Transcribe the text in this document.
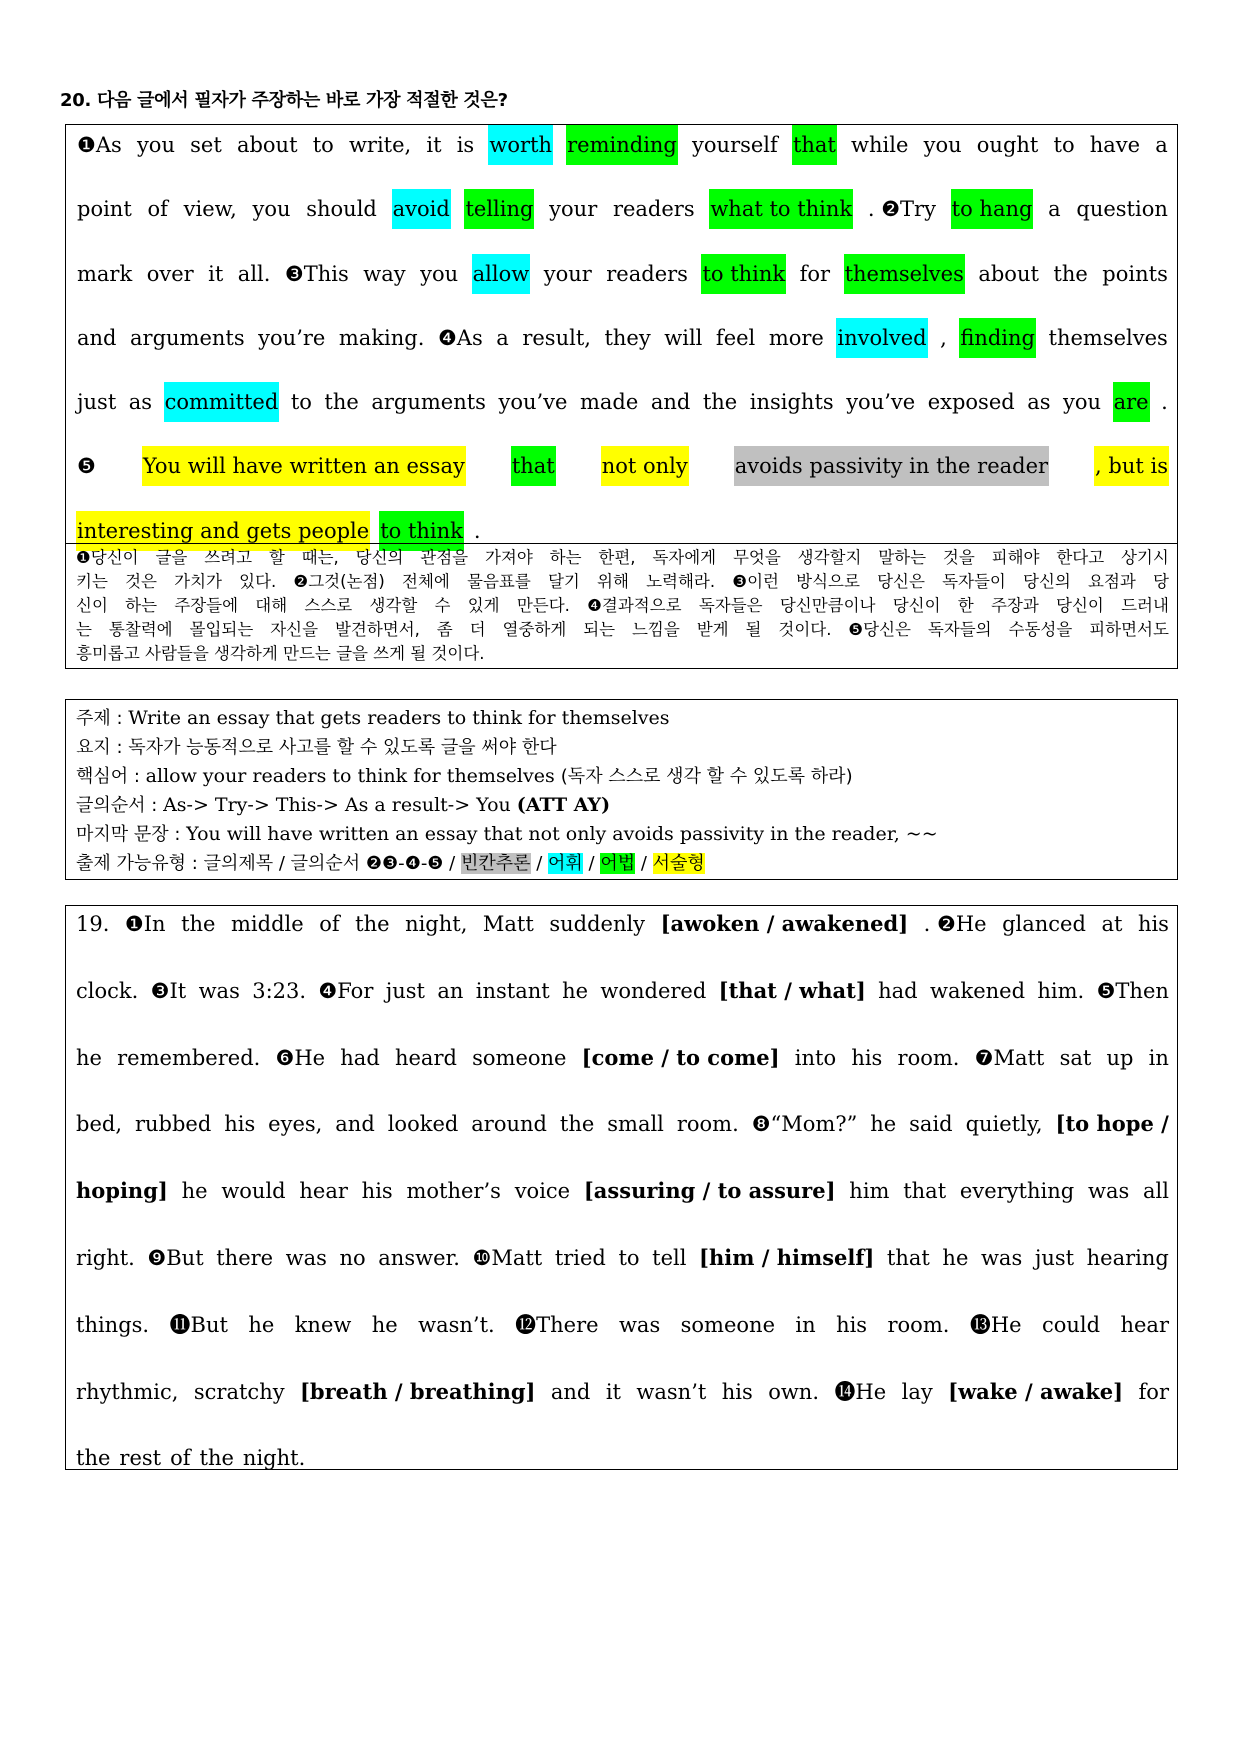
20. 다음 글에서 필자가 주장하는 바로 가장 적절한 것은?
❶As you set about to write, it is worth reminding yourself that while you ought to have a
point of view, you should avoid telling your readers what to think . ❷Try to hang a question
mark over it all. ❸This way you allow your readers to think for themselves about the points
and arguments you’re making. ❹As a result, they will feel more involved , finding themselves
just as committed to the arguments you’ve made and the insights you’ve exposed as you are .
❺ You will have written an essay that not only avoids passivity in the reader , but is
interesting and gets people to think .
❶당신이 글을 쓰려고 할 때는, 당신의 관점을 가져야 하는 한편, 독자에게 무엇을 생각할지 말하는 것을 피해야 한다고 상기시
키는 것은 가치가 있다. ❷그것(논점) 전체에 물음표를 달기 위해 노력해라. ❸이런 방식으로 당신은 독자들이 당신의 요점과 당
신이 하는 주장들에 대해 스스로 생각할 수 있게 만든다. ❹결과적으로 독자들은 당신만큼이나 당신이 한 주장과 당신이 드러내
는 통찰력에 몰입되는 자신을 발견하면서, 좀 더 열중하게 되는 느낌을 받게 될 것이다. ❺당신은 독자들의 수동성을 피하면서도
흥미롭고 사람들을 생각하게 만드는 글을 쓰게 될 것이다.
주제 : Write an essay that gets readers to think for themselves
요지 : 독자가 능동적으로 사고를 할 수 있도록 글을 써야 한다
핵심어 : allow your readers to think for themselves (독자 스스로 생각 할 수 있도록 하라)
글의순서 : As-> Try-> This-> As a result-> You (ATT AY)
마지막 문장 : You will have written an essay that not only avoids passivity in the reader, ~~
출제 가능유형 : 글의제목 / 글의순서 ❷❸-❹-❺ / 빈칸추론 / 어휘 / 어법 / 서술형
19. ❶In the middle of the night, Matt suddenly [awoken / awakened] . ❷He glanced at his
clock. ❸It was 3:23. ❹For just an instant he wondered [that / what] had wakened him. ❺Then
he remembered. ❻He had heard someone [come / to come] into his room. ❼Matt sat up in
bed, rubbed his eyes, and looked around the small room. ❽“Mom?” he said quietly, [to hope /
hoping] he would hear his mother’s voice [assuring / to assure] him that everything was all
right. ❾But there was no answer. ❿Matt tried to tell [him / himself] that he was just hearing
things. ⓫But he knew he wasn’t. ⓬There was someone in his room. ⓭He could hear
rhythmic, scratchy [breath / breathing] and it wasn’t his own. ⓮He lay [wake / awake] for
the rest of the night.
